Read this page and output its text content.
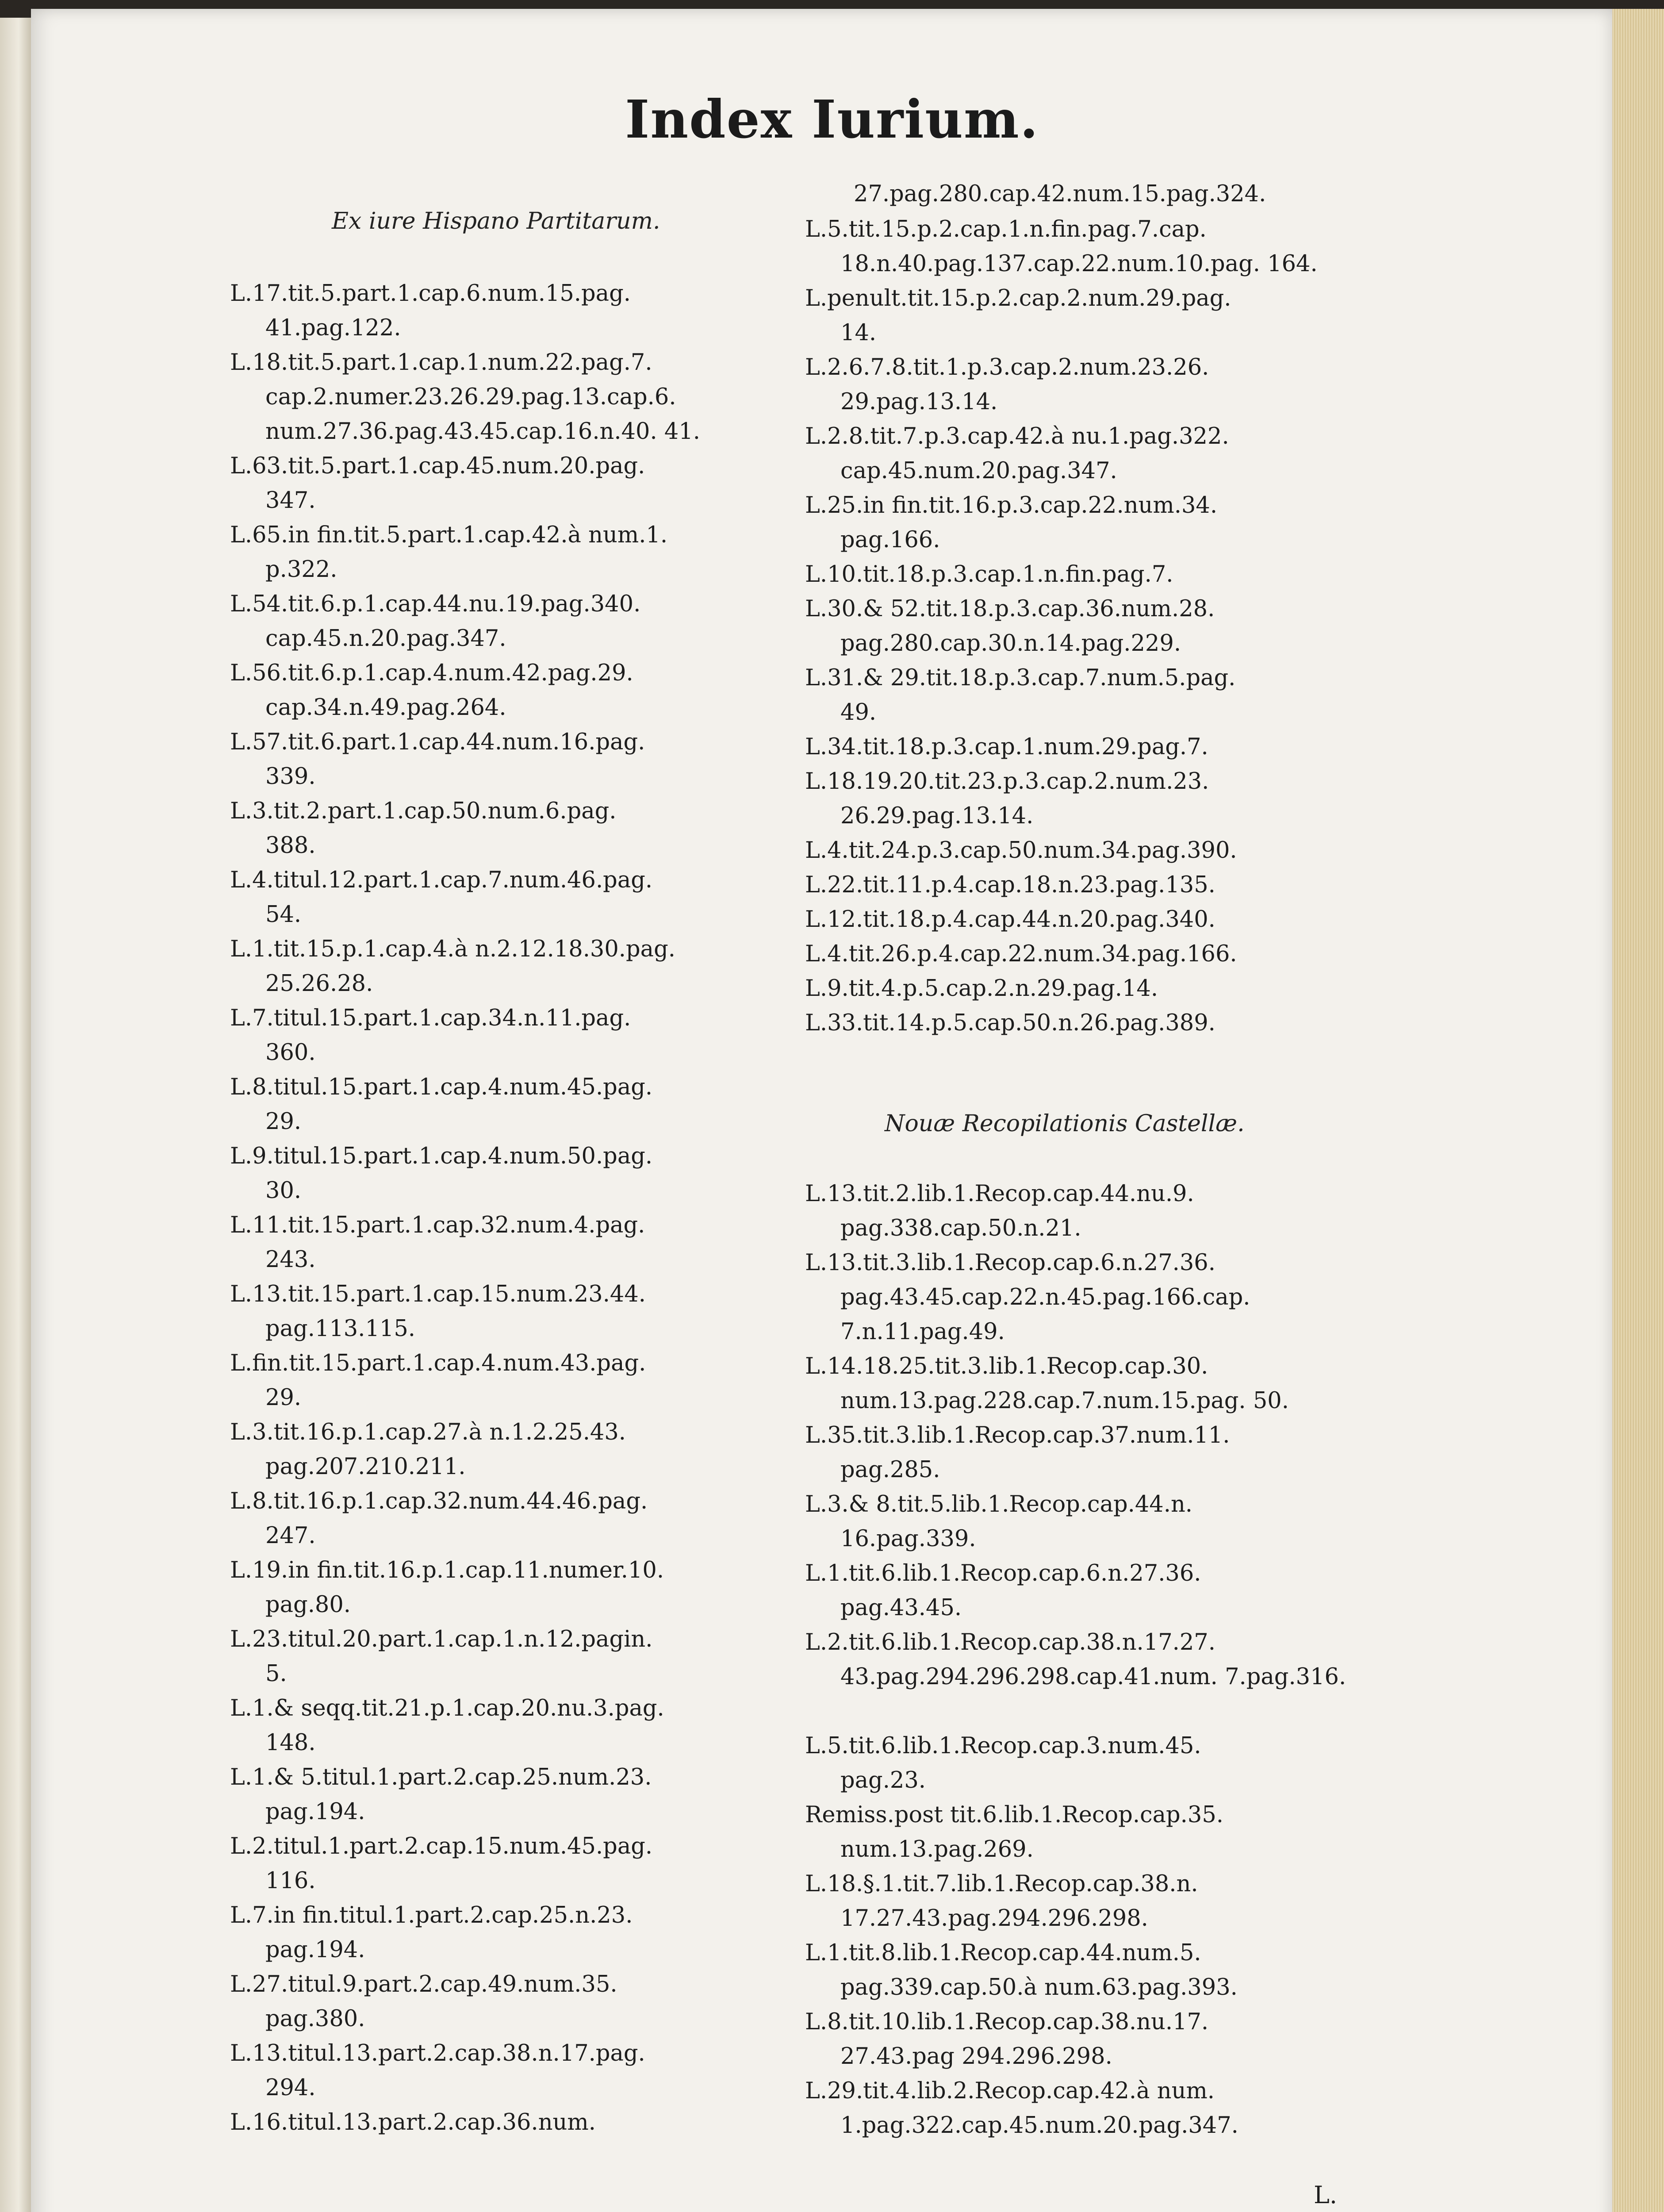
Index Iurium.
Ex iure Hispano Partitarum.
L.17.tit.5.part.1.cap.6.num.15.pag.
41.pag.122.
L.18.tit.5.part.1.cap.1.num.22.pag.7.
cap.2.numer.23.26.29.pag.13.cap.6. num.27.36.pag.43.45.cap.16.n.40. 41.
L.63.tit.5.part.1.cap.45.num.20.pag.
347.
L.65.in fin.tit.5.part.1.cap.42.à num.1.
p.322.
L.54.tit.6.p.1.cap.44.nu.19.pag.340.
cap.45.n.20.pag.347.
L.56.tit.6.p.1.cap.4.num.42.pag.29.
cap.34.n.49.pag.264.
L.57.tit.6.part.1.cap.44.num.16.pag.
339.
L.3.tit.2.part.1.cap.50.num.6.pag.
388.
L.4.titul.12.part.1.cap.7.num.46.pag.
54.
L.1.tit.15.p.1.cap.4.à n.2.12.18.30.pag.
25.26.28.
L.7.titul.15.part.1.cap.34.n.11.pag.
360.
L.8.titul.15.part.1.cap.4.num.45.pag.
29.
L.9.titul.15.part.1.cap.4.num.50.pag.
30.
L.11.tit.15.part.1.cap.32.num.4.pag.
243.
L.13.tit.15.part.1.cap.15.num.23.44.
pag.113.115.
L.fin.tit.15.part.1.cap.4.num.43.pag.
29.
L.3.tit.16.p.1.cap.27.à n.1.2.25.43.
pag.207.210.211.
L.8.tit.16.p.1.cap.32.num.44.46.pag.
247.
L.19.in fin.tit.16.p.1.cap.11.numer.10.
pag.80.
L.23.titul.20.part.1.cap.1.n.12.pagin.
5.
L.1.& seqq.tit.21.p.1.cap.20.nu.3.pag.
148.
L.1.& 5.titul.1.part.2.cap.25.num.23.
pag.194.
L.2.titul.1.part.2.cap.15.num.45.pag.
116.
L.7.in fin.titul.1.part.2.cap.25.n.23.
pag.194.
L.27.titul.9.part.2.cap.49.num.35.
pag.380.
L.13.titul.13.part.2.cap.38.n.17.pag.
294.
L.16.titul.13.part.2.cap.36.num.
27.pag.280.cap.42.num.15.pag.324.
L.5.tit.15.p.2.cap.1.n.fin.pag.7.cap.
18.n.40.pag.137.cap.22.num.10.pag. 164.
L.penult.tit.15.p.2.cap.2.num.29.pag.
14.
L.2.6.7.8.tit.1.p.3.cap.2.num.23.26.
29.pag.13.14.
L.2.8.tit.7.p.3.cap.42.à nu.1.pag.322.
cap.45.num.20.pag.347.
L.25.in fin.tit.16.p.3.cap.22.num.34.
pag.166.
L.10.tit.18.p.3.cap.1.n.fin.pag.7.
L.30.& 52.tit.18.p.3.cap.36.num.28.
pag.280.cap.30.n.14.pag.229.
L.31.& 29.tit.18.p.3.cap.7.num.5.pag.
49.
L.34.tit.18.p.3.cap.1.num.29.pag.7.
L.18.19.20.tit.23.p.3.cap.2.num.23.
26.29.pag.13.14.
L.4.tit.24.p.3.cap.50.num.34.pag.390.
L.22.tit.11.p.4.cap.18.n.23.pag.135.
L.12.tit.18.p.4.cap.44.n.20.pag.340.
L.4.tit.26.p.4.cap.22.num.34.pag.166.
L.9.tit.4.p.5.cap.2.n.29.pag.14.
L.33.tit.14.p.5.cap.50.n.26.pag.389.
Nouæ Recopilationis Castellæ.
L.13.tit.2.lib.1.Recop.cap.44.nu.9.
pag.338.cap.50.n.21.
L.13.tit.3.lib.1.Recop.cap.6.n.27.36.
pag.43.45.cap.22.n.45.pag.166.cap. 7.n.11.pag.49.
L.14.18.25.tit.3.lib.1.Recop.cap.30.
num.13.pag.228.cap.7.num.15.pag. 50.
L.35.tit.3.lib.1.Recop.cap.37.num.11.
pag.285.
L.3.& 8.tit.5.lib.1.Recop.cap.44.n.
16.pag.339.
L.1.tit.6.lib.1.Recop.cap.6.n.27.36.
pag.43.45.
L.2.tit.6.lib.1.Recop.cap.38.n.17.27.
43.pag.294.296.298.cap.41.num. 7.pag.316.
L.5.tit.6.lib.1.Recop.cap.3.num.45.
pag.23.
Remiss.post tit.6.lib.1.Recop.cap.35.
num.13.pag.269.
L.18.§.1.tit.7.lib.1.Recop.cap.38.n.
17.27.43.pag.294.296.298.
L.1.tit.8.lib.1.Recop.cap.44.num.5.
pag.339.cap.50.à num.63.pag.393.
L.8.tit.10.lib.1.Recop.cap.38.nu.17.
27.43.pag 294.296.298.
L.29.tit.4.lib.2.Recop.cap.42.à num.
1.pag.322.cap.45.num.20.pag.347.
L.
